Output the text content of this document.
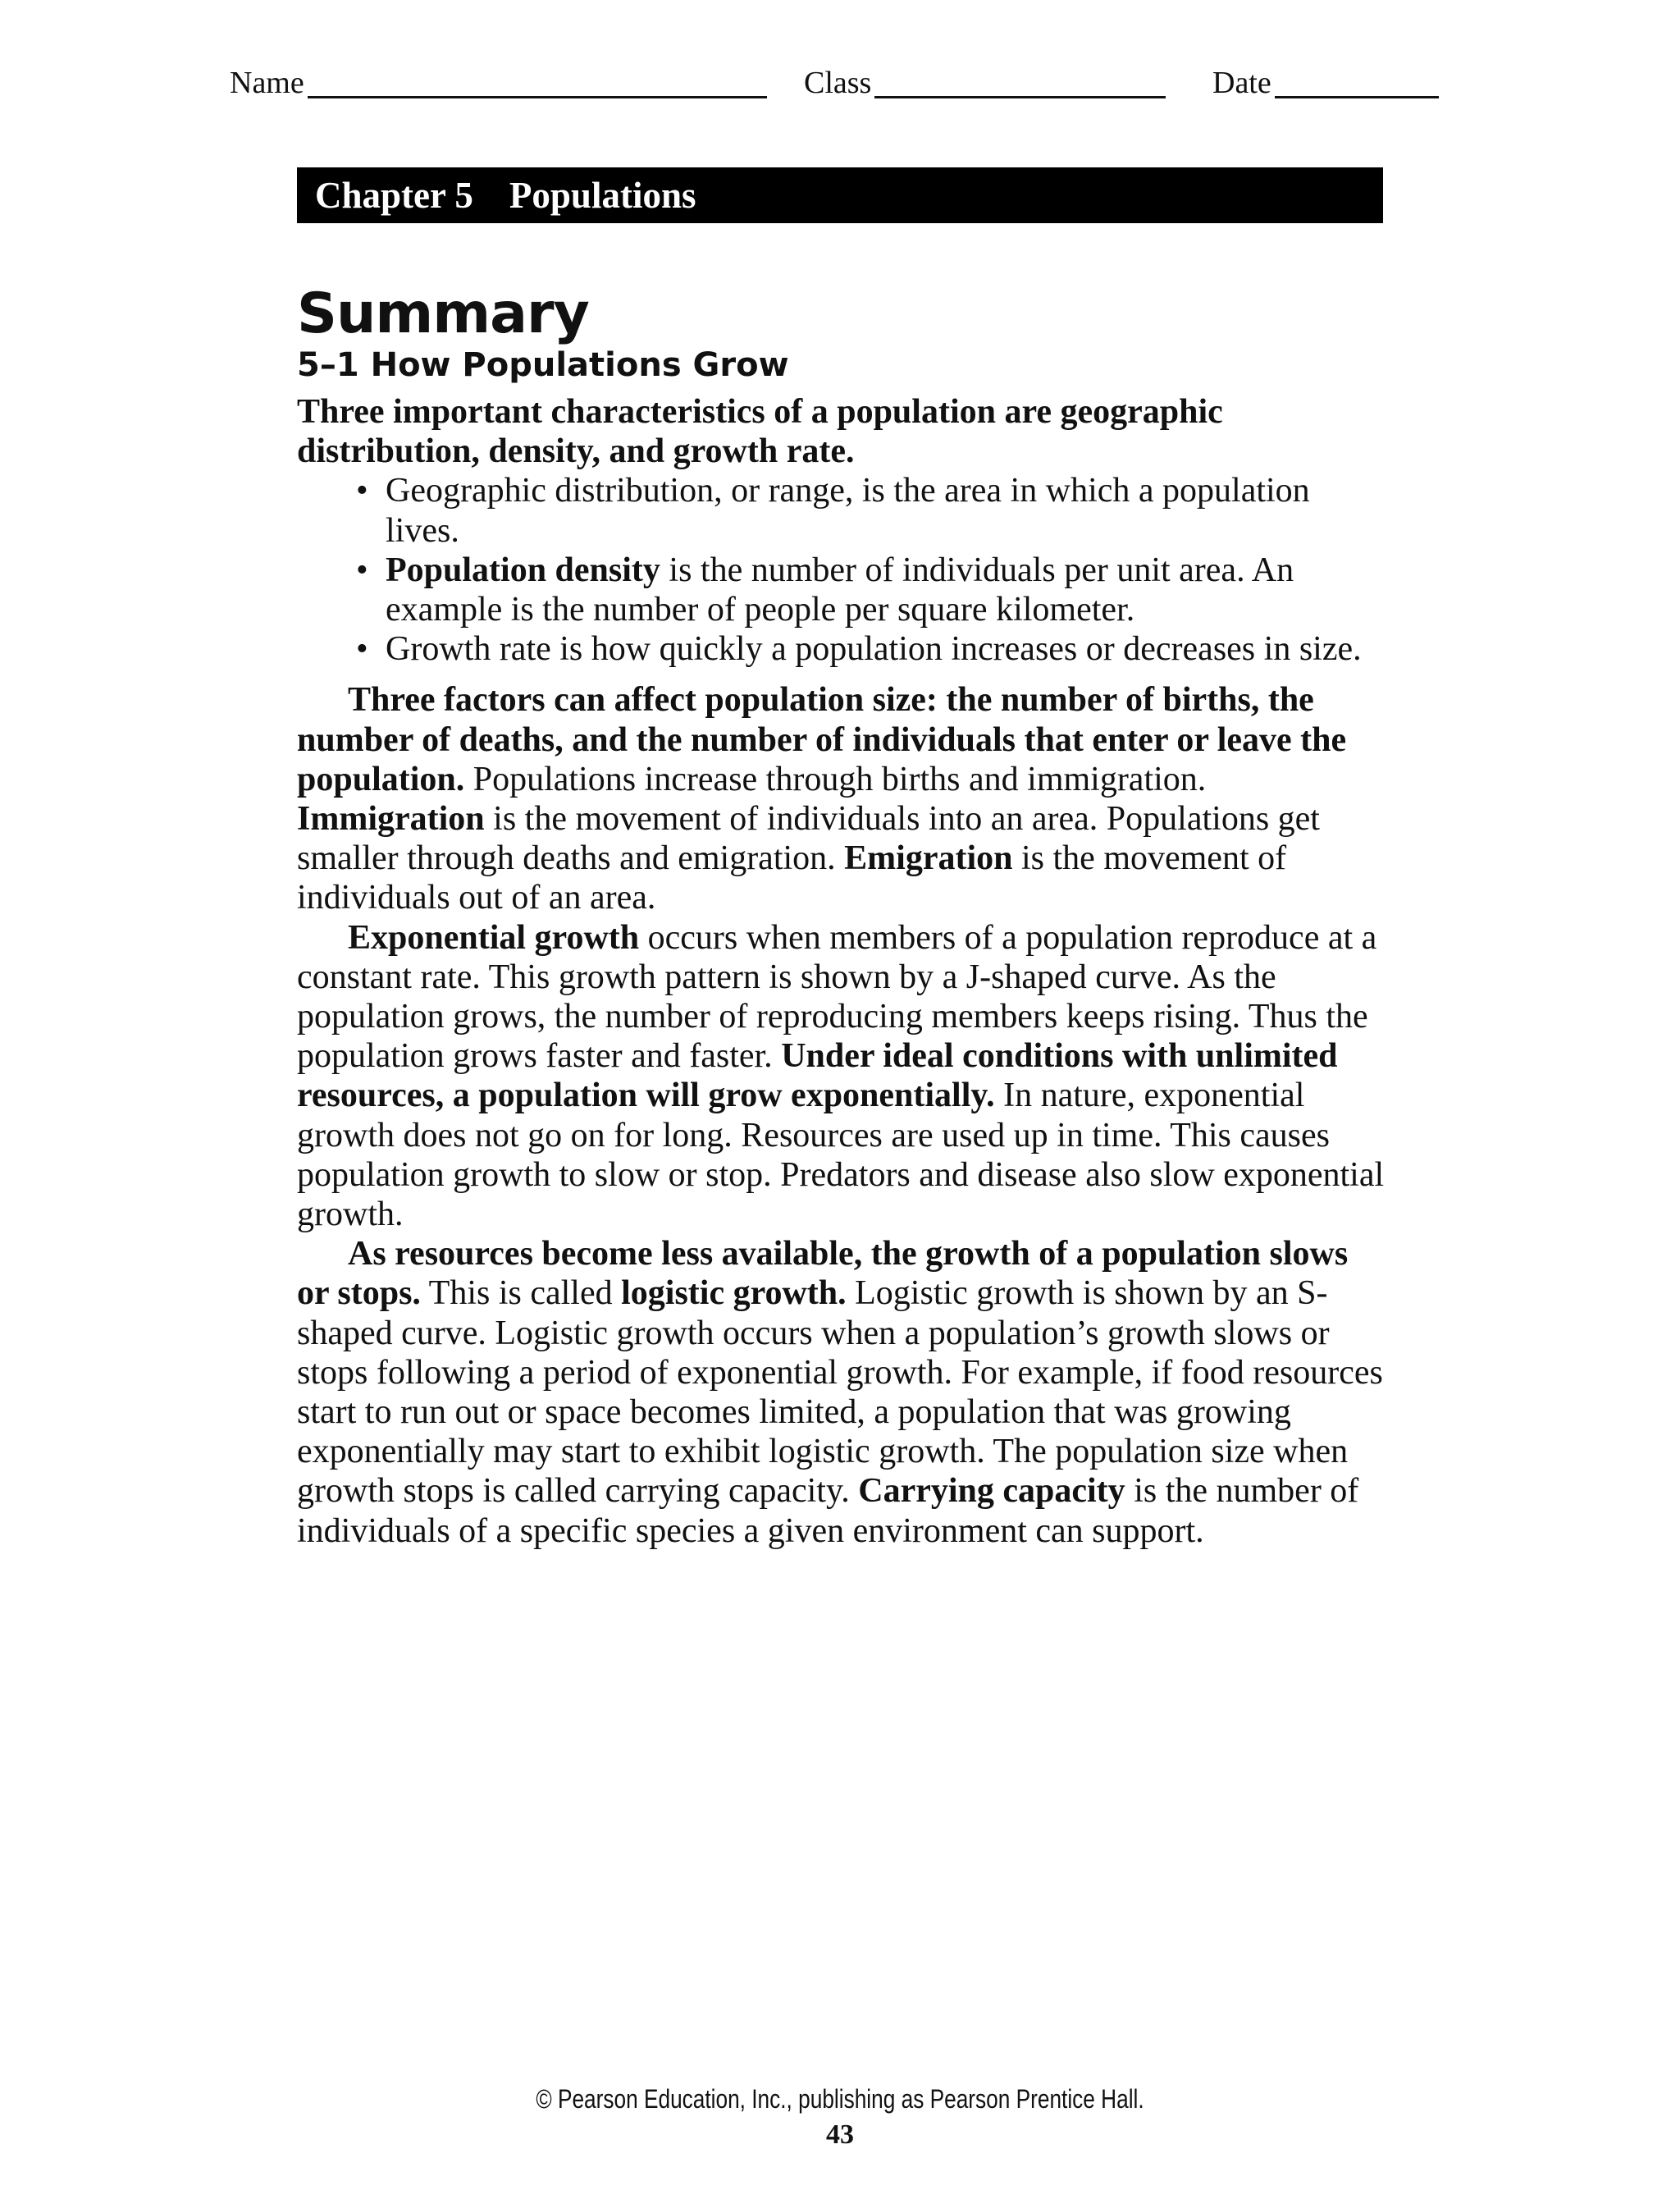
Name	Class	Date
Chapter 5 Populations
Summary
5–1 How Populations Grow

Three important characteristics of a population are geographic distribution, density, and growth rate.

• Geographic distribution, or range, is the area in which a population lives.
• Population density is the number of individuals per unit area. An example is the number of people per square kilometer.
• Growth rate is how quickly a population increases or decreases in size.

Three factors can affect population size: the number of births, the number of deaths, and the number of individuals that enter or leave the population. Populations increase through births and immigration. Immigration is the movement of individuals into an area. Populations get smaller through deaths and emigration. Emigration is the movement of individuals out of an area.

Exponential growth occurs when members of a population reproduce at a constant rate. This growth pattern is shown by a J-shaped curve. As the population grows, the number of reproducing members keeps rising. Thus the population grows faster and faster. Under ideal conditions with unlimited resources, a population will grow exponentially. In nature, exponential growth does not go on for long. Resources are used up in time. This causes population growth to slow or stop. Predators and disease also slow exponential growth.

As resources become less available, the growth of a population slows or stops. This is called logistic growth. Logistic growth is shown by an S-shaped curve. Logistic growth occurs when a population’s growth slows or stops following a period of exponential growth. For example, if food resources start to run out or space becomes limited, a population that was growing exponentially may start to exhibit logistic growth. The population size when growth stops is called carrying capacity. Carrying capacity is the number of individuals of a specific species a given environment can support.

© Pearson Education, Inc., publishing as Pearson Prentice Hall.
43
